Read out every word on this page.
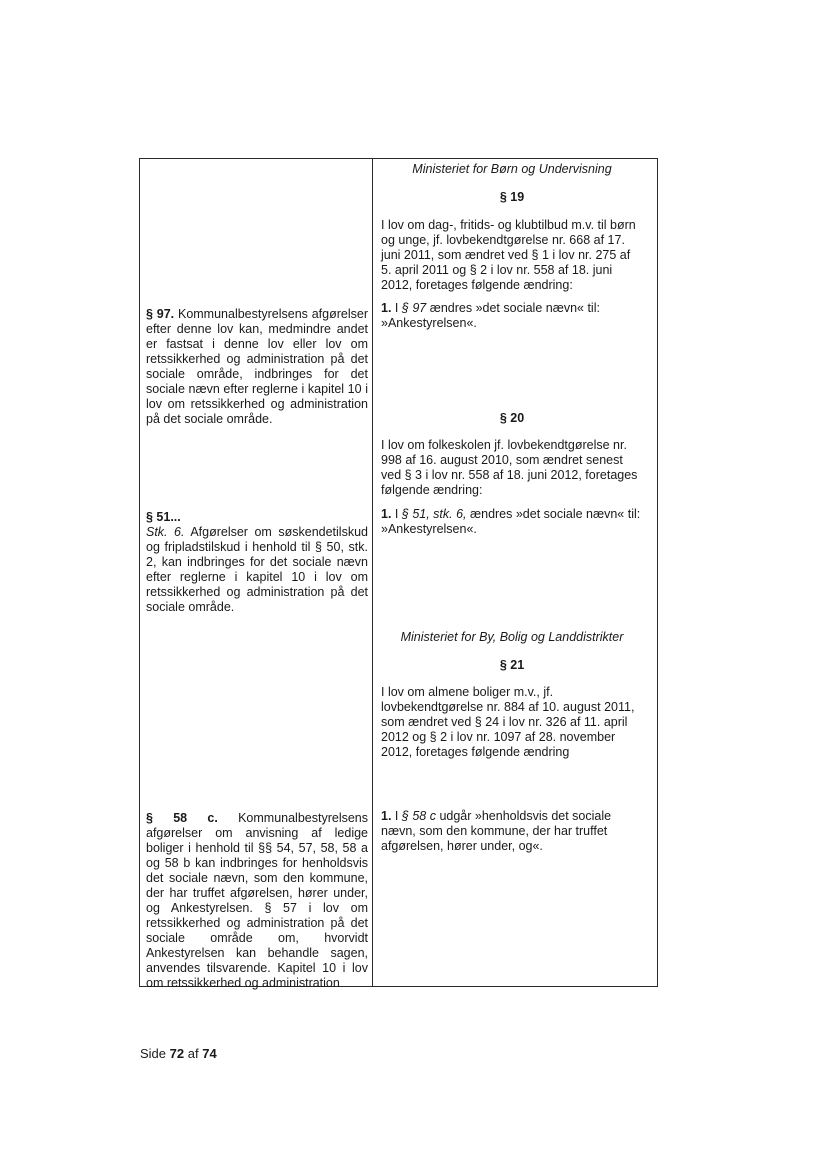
Ministeriet for Børn og Undervisning
§ 19
I lov om dag-, fritids- og klubtilbud m.v. til børn og unge, jf. lovbekendtgørelse nr. 668 af 17. juni 2011, som ændret ved § 1 i lov nr. 275 af 5. april 2011 og § 2 i lov nr. 558 af 18. juni 2012, foretages følgende ændring:
1. I § 97 ændres »det sociale nævn« til: »Ankestyrelsen«.
§ 20
I lov om folkeskolen jf. lovbekendtgørelse nr. 998 af 16. august 2010, som ændret senest ved § 3 i lov nr. 558 af 18. juni 2012, foretages følgende ændring:
1. I § 51, stk. 6, ændres »det sociale nævn« til: »Ankestyrelsen«.
Ministeriet for By, Bolig og Landdistrikter
§ 21
I lov om almene boliger m.v., jf. lovbekendtgørelse nr. 884 af 10. august 2011, som ændret ved § 24 i lov nr. 326 af 11. april 2012 og § 2 i lov nr. 1097 af 28. november 2012, foretages følgende ændring
1. I § 58 c udgår »henholdsvis det sociale nævn, som den kommune, der har truffet afgørelsen, hører under, og«.
§ 97. Kommunalbestyrelsens afgørelser efter denne lov kan, medmindre andet er fastsat i denne lov eller lov om retssikkerhed og administration på det sociale område, indbringes for det sociale nævn efter reglerne i kapitel 10 i lov om retssikkerhed og administration på det sociale område.
§ 51...
Stk. 6. Afgørelser om søskendetilskud og fripladstilskud i henhold til § 50, stk. 2, kan indbringes for det sociale nævn efter reglerne i kapitel 10 i lov om retssikkerhed og administration på det sociale område.
§ 58 c. Kommunalbestyrelsens afgørelser om anvisning af ledige boliger i henhold til §§ 54, 57, 58, 58 a og 58 b kan indbringes for henholdsvis det sociale nævn, som den kommune, der har truffet afgørelsen, hører under, og Ankestyrelsen. § 57 i lov om retssikkerhed og administration på det sociale område om, hvorvidt Ankestyrelsen kan behandle sagen, anvendes tilsvarende. Kapitel 10 i lov om retssikkerhed og administration
Side 72 af 74
